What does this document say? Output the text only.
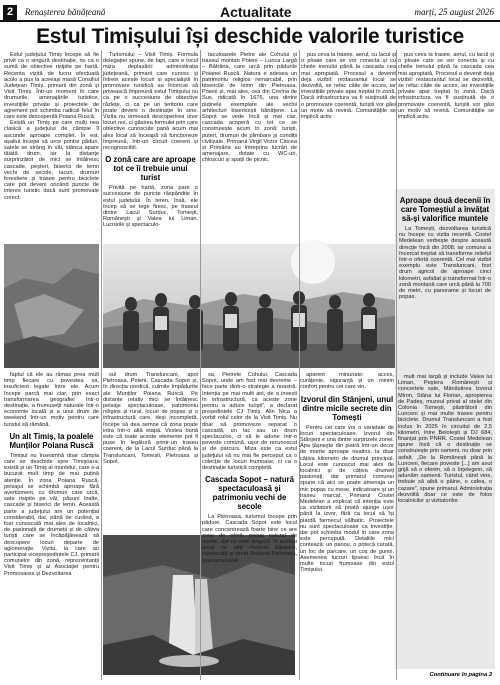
2	Renașterea bănățeană	Actualitate	marți, 25 august 2026
Estul Timișului își deschide valorile turistice

Estul județului Timiș începe să fie privit ca o singură destinație, nu ca o sumă de obiective risipite pe hartă. Recenta vizită de lucru efectuată acolo a pus la aceeași masă Consiliul Județean Timiș, primarii din zonă și Visit Timiș. Într-un moment în care drumurile, amenajările turistice, investițiile private și proiectele de agrement pot schimba radical felul în care este descoperită Poiana Ruscă.

Există un Timiș pe care mulți nea clasică a județului de câmpie îl ascunde aproape complet. În est, așaltul începe să urce printre păduri, satele se strâng în văi, stânca apare tăiată drum, iar la distanțe surprinzător de mici se întâlnesc cascade, peșteri, biserici de lemn vechi de secole, lacuri, drumuri forestiere și trasee pentru biciclete care pot deveni oricând puncte de interes turistic dacă sunt promovate corect.

Turismului – Visit Timiș. Formula delegației spune, de fapt, care e tocul miza deplasării: administrația județeană, primarii care cunosc și întrein aceste locuri și specialiștii în promovare turistică au încercat să privească împreună estul Timișului nu ca pe o succesiune de obiective răzlețe, ci ca pe un teritoriu care poate deveni o destinație în sine. Vizita nu urmează descoperirea unor locuri noi, ci găsirea formulei prin care obiective cunoscute pană acum mai ales local să înceapă să funcționeze împreună, într-un circuit coerent și recognoscibil.

O zonă care are aproape tot ce îi trebuie unui turist

Privită pe hartă, zona pare o succesiune de puncte răspândite în estul județului. În teren, însă, ele încep să se lege firesc, pe traseul dintre Lacul Surduc, Tomești, Românești și Valea lui Liman. Lucrurile și spectaculo-

taculoasele Pietre ale Cohului și traseul montan Poieni – Lunca Largă – Bătrâna, care urcă prin pădurile Poianei Ruscă. Natura e adesea un patrimoniu religios remarcabil, prin bisericile de lemn din Pietroasa, Poieni și, mai ales, cea din Crivina de Sus, ridicată în 1676, una dintre puținele exemplare ale vechii arhitecturi bisericești bănățene. La Sopot se vede încă și mai clar, cascada acoperă cu tot ce se construiește acum în zonă: turiști, puteri, drumuri de plimbare și condiții civilizate. Primarul Virgil Victor Ciocea și Primăria au întreprins lucrări de amenajare, dotate cu WC-uri, chioșcuri și spații de picnic.

pus ceva la trasee, aerul, cu lacul și o ploaie care se vor conecta și cu cheile trenului până la cascada cea mai apropiată. Procesul a devenit deja vizibil: restaurantul local se dezvoltă, se refac căile de acces, iar investițiile private apar treptat în zonă. Dacă infrastructura va fi susținută de o promovare coerentă, turiștii vor găsi un motiv să revină. Comunitățile se implică activ.

pus ceva la trasee, aerul, cu lacul și o ploaie care se vor conecta și cu cheile trenului până la cascada cea mai apropiată. Procesul a devenit deja vizibil: restaurantul local se dezvoltă, se refac căile de acces, iar investițiile private apar treptat în zonă. Dacă infrastructura va fi susținută de o promovare coerentă, turiștii vor găsi un motiv să revină. Comunitățile se implică activ.

Aproape două decenii în care Tomeștiul a învățat să-și valorifice muntele

La Tomești, dezvoltarea turistică nu începe cu vizita recentă. Costel Medelean verbește despre această direcție încă din 2008, iar comuna a încercat treptat să transforme relieful într-o ofertă coerentă. Cel mai vizibil exemplu este Transluncani, fost drum agricol de aproape cinci kilometri, asfaltat și transformat într-o zonă montană care urcă până la 700 de metri, cu panorame și locuri de popas.

faptul că ele au rămas prea mult timp fiecare cu povestea sa, insuficient legate între ele. Acum începe parcă mai clar, prin exact transformarea geografiei într-o destinație, a frumuseții naturale într-o economie locală și a unui drum de weekend într-un motiv pentru care turistul să rămână.

Un alt Timiș, la poalele Munților Poiana Ruscă

Timișul nu înseamnă doar câmpia care se deschide spre Timișoara; există și un Timiș al muntelui, care s-a bucurat mult timp de mai puțină atenție. În zona Poiana Ruscă, peisajul se schimbă aproape fără avertisment, cu drumuri care urcă, sate risipite pe văi, pășuni înalte, cascade și biserici de lemn. Această parte a județului are un potențial considerabil, dar, până de curând, a fost cunoscută mai ales de localnici, de pasionații de drumeții și de câțiva turiști care se încăpățânează să descopere locuri departe de aglomerație. Vizita, la care au participat vicepreședintele CJ, primarii comunelor din zonă, reprezentanții Visit Timiș și ai Asociației pentru Promovarea și Dezvoltarea

sul drum Transluncani, apoi Pietroasa, Poieni, Cascada Sopot și, în direcția nordică, culmile împădurite ale Munților Poiana Ruscă. Pe distanțe relativ mici se întâlnesc peisaje spectaculoase, patrimoniu religios și rural, locuri de popas și o infrastructură care, deși incompletă, începe să dea semne că zona poate intra într-o altă etapă. Vestea bună este că toate aceste elemente pot fi puse în legătură printr-un traseu coerent, de la Lacul Surduc până la Transluncani, Tomești, Pietroasa și Sopot.

sa, Pietrele Cohului, Cascada Sopot, unde am fost mai devreme – face parte dintr-o strategie a noastră. Intenția pe mai multi ani, de a investi în infrastructură, ca aceste zone pentru a aduce turiști”, a declarat președintele CJ Timiș. Alin Nica a vorbit rolul celor de la Visit Timiș. Nu doar să promoveze separat o cascadă, un lac sau un drum spectaculos, ci să le adune într-o poveste comună, ușor de recunoscut și de parcurs. Miza este ca estul județului să nu mai fie perceput ca o colecție de locuri frumoase, ci ca o destinație turistică completă.

Cascada Sopot – natură spectaculoasă și patrimoniu vechi de secole

La Pietroasa, turismul începe prin pădure. Cascada Sopot este locul care concentrează foarte bine ce are zona de oferit: peisaj natural de munte, dar nu este singură. În același areal se află Peștera Albastră, cunoscută și drept Peștera Pietroasa, spectaculoasă

aparent minunate: acces, curățenie, siguranță și un minim confort pentru cei care vin.

Izvorul din Stânjeni, unul dintre micile secrete din Tomești

Pentru cei care vor o varietate de locuri spectaculoase, Izvorul din Stânjeni e una dintre surprizele zonei. Apa țâșnește din piatră într-un decor de munte aproape neatins, la doar câțiva kilometri de drumul principal. Locul este cunoscut mai ales de localnici și de câțiva drumeți pasionați, dar primarul comunei spune că aici se poate amenaja un mic popas cu mese, indicatoare și un traseu marcat. Primarul Costel Medelean a explicat că intenția este ca vizitatorii să poată ajunge ușor până la izvor, fără ca locul să își piardă farmecul sălbatic. Proiectele nu sunt spectaculoase ca investiție, dar pot schimba modul în care zona este percepută. Detaliile mici contează: un panou, o potecă curată, un loc de parcare, un coș de gunoi. Asemenea lucruri lipsesc încă în multe locuri frumoase din estul Timișului.

mult mai largă și include Valea lui Liman, Peștera Românești și concertele sale, Mănăstirea Izvorul Miron, Stâna lui Florian, apropierea de Padeș, muzeul privat al stelei din Colonia Tomești, păstrătorii din Lunceni și mai multe trasee pentru biciclete. Drumul Transluncani a fost inclus în 2025 în circuitul de 2,5 kilometri, între Belotești și DJ 684, finanțat prin PNRR. Costel Medelean spune însă că o destinație se construiește prin oameni, nu doar prin asfalt. „De la Românești până la Lunceni, fiecare poveste [...] am avut grijă să o oferim, să o înțelegem, să adunăm oamenii. Turistul, când vine, trebuie să aibă o pâine, o cafea, o cazare”, spune primarul. Administrația dezvoltă doar ce este de folos localnicilor și vizitatorilor.

Continuare în pagina 3
